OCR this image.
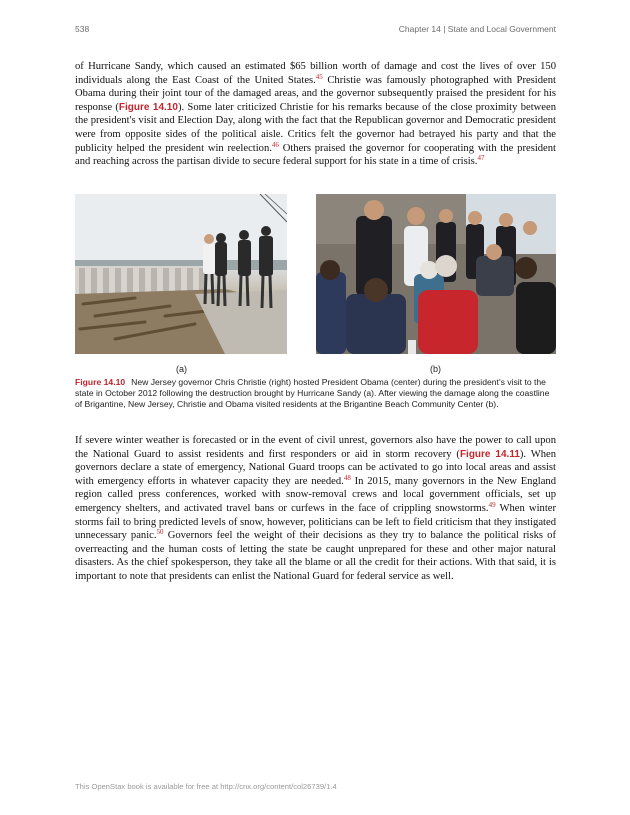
538	Chapter 14 | State and Local Government

of Hurricane Sandy, which caused an estimated $65 billion worth of damage and cost the lives of over 150 individuals along the East Coast of the United States.$^{45}$ Christie was famously photographed with President Obama during their joint tour of the damaged areas, and the governor subsequently praised the president for his response (Figure 14.10). Some later criticized Christie for his remarks because of the close proximity between the president's visit and Election Day, along with the fact that the Republican governor and Democratic president were from opposite sides of the political aisle. Critics felt the governor had betrayed his party and that the publicity helped the president win reelection.$^{46}$ Others praised the governor for cooperating with the president and reaching across the partisan divide to secure federal support for his state in a time of crisis.$^{47}$

(a)	(b)

Figure 14.10 New Jersey governor Chris Christie (right) hosted President Obama (center) during the president's visit to the state in October 2012 following the destruction brought by Hurricane Sandy (a). After viewing the damage along the coastline of Brigantine, New Jersey, Christie and Obama visited residents at the Brigantine Beach Community Center (b).

If severe winter weather is forecasted or in the event of civil unrest, governors also have the power to call upon the National Guard to assist residents and first responders or aid in storm recovery (Figure 14.11). When governors declare a state of emergency, National Guard troops can be activated to go into local areas and assist with emergency efforts in whatever capacity they are needed.$^{48}$ In 2015, many governors in the New England region called press conferences, worked with snow-removal crews and local government officials, set up emergency shelters, and activated travel bans or curfews in the face of crippling snowstorms.$^{49}$ When winter storms fail to bring predicted levels of snow, however, politicians can be left to field criticism that they instigated unnecessary panic.$^{50}$ Governors feel the weight of their decisions as they try to balance the political risks of overreacting and the human costs of letting the state be caught unprepared for these and other major natural disasters. As the chief spokesperson, they take all the blame or all the credit for their actions. With that said, it is important to note that presidents can enlist the National Guard for federal service as well.

This OpenStax book is available for free at http://cnx.org/content/col26739/1.4
